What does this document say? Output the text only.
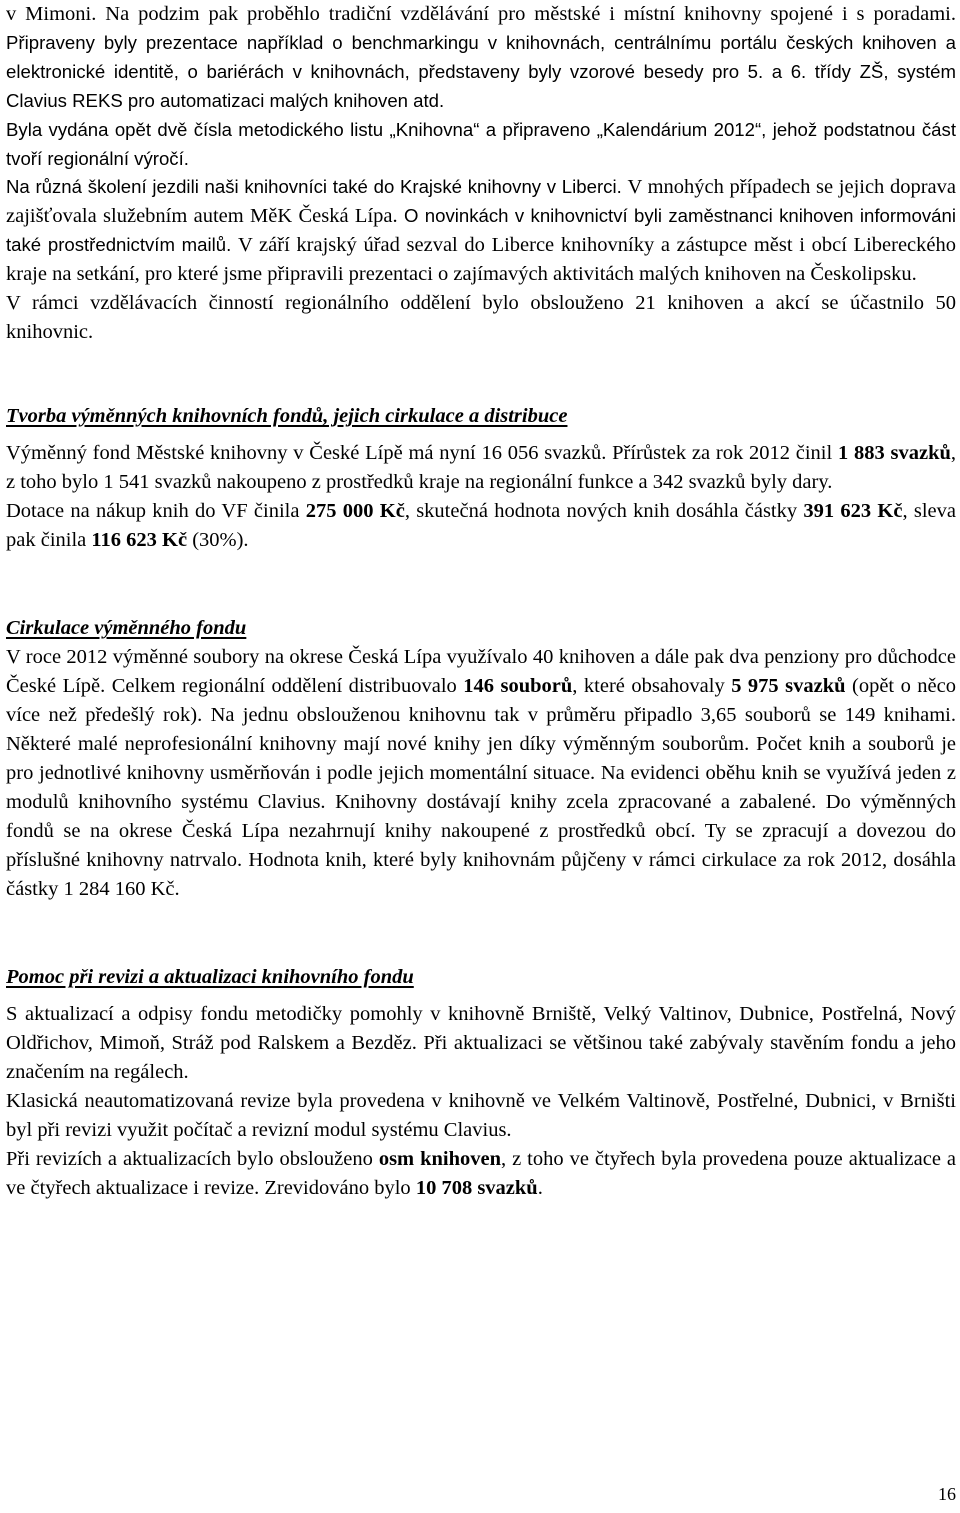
v Mimoni. Na podzim pak proběhlo tradiční vzdělávání pro městské i místní knihovny spojené i s poradami. Připraveny byly prezentace například o benchmarkingu v knihovnách, centrálnímu portálu českých knihoven a elektronické identitě, o bariérách v knihovnách, představeny byly vzorové besedy pro 5. a 6. třídy ZŠ, systém Clavius REKS pro automatizaci malých knihoven atd.

Byla vydána opět dvě čísla metodického listu „Knihovna“ a připraveno „Kalendárium 2012“, jehož podstatnou část tvoří regionální výročí.

Na různá školení jezdili naši knihovníci také do Krajské knihovny v Liberci. V mnohých případech se jejich doprava zajišťovala služebním autem MěK Česká Lípa. O novinkách v knihovnictví byli zaměstnanci knihoven informováni také prostřednictvím mailů. V září krajský úřad sezval do Liberce knihovníky a zástupce měst i obcí Libereckého kraje na setkání, pro které jsme připravili prezentaci o zajímavých aktivitách malých knihoven na Českolipsku.

V rámci vzdělávacích činností regionálního oddělení bylo obslouženo 21 knihoven a akcí se účastnilo 50 knihovnic.

Tvorba výměnných knihovních fondů, jejich cirkulace a distribuce

Výměnný fond Městské knihovny v České Lípě má nyní 16 056 svazků. Přírůstek za rok 2012 činil 1 883 svazků, z toho bylo 1 541 svazků nakoupeno z prostředků kraje na regionální funkce a 342 svazků byly dary.

Dotace na nákup knih do VF činila 275 000 Kč, skutečná hodnota nových knih dosáhla částky 391 623 Kč, sleva pak činila 116 623 Kč (30%).

Cirkulace výměnného fondu

V roce 2012 výměnné soubory na okrese Česká Lípa využívalo 40 knihoven a dále pak dva penziony pro důchodce České Lípě. Celkem regionální oddělení distribuovalo 146 souborů, které obsahovaly 5 975 svazků (opět o něco více než předešlý rok). Na jednu obslouženou knihovnu tak v průměru připadlo 3,65 souborů se 149 knihami. Některé malé neprofesionální knihovny mají nové knihy jen díky výměnným souborům. Počet knih a souborů je pro jednotlivé knihovny usměrňován i podle jejich momentální situace. Na evidenci oběhu knih se využívá jeden z modulů knihovního systému Clavius. Knihovny dostávají knihy zcela zpracované a zabalené. Do výměnných fondů se na okrese Česká Lípa nezahrnují knihy nakoupené z prostředků obcí. Ty se zpracují a dovezou do příslušné knihovny natrvalo. Hodnota knih, které byly knihovnám půjčeny v rámci cirkulace za rok 2012, dosáhla částky 1 284 160 Kč.

Pomoc při revizi a aktualizaci knihovního fondu

S aktualizací a odpisy fondu metodičky pomohly v knihovně Brniště, Velký Valtinov, Dubnice, Postřelná, Nový Oldřichov, Mimoň, Stráž pod Ralskem a Bezděz. Při aktualizaci se většinou také zabývaly stavěním fondu a jeho značením na regálech.

Klasická neautomatizovaná revize byla provedena v knihovně ve Velkém Valtinově, Postřelné, Dubnici, v Brništi byl při revizi využit počítač a revizní modul systému Clavius.

Při revizích a aktualizacích bylo obslouženo osm knihoven, z toho ve čtyřech byla provedena pouze aktualizace a ve čtyřech aktualizace i revize. Zrevidováno bylo 10 708 svazků.

16
